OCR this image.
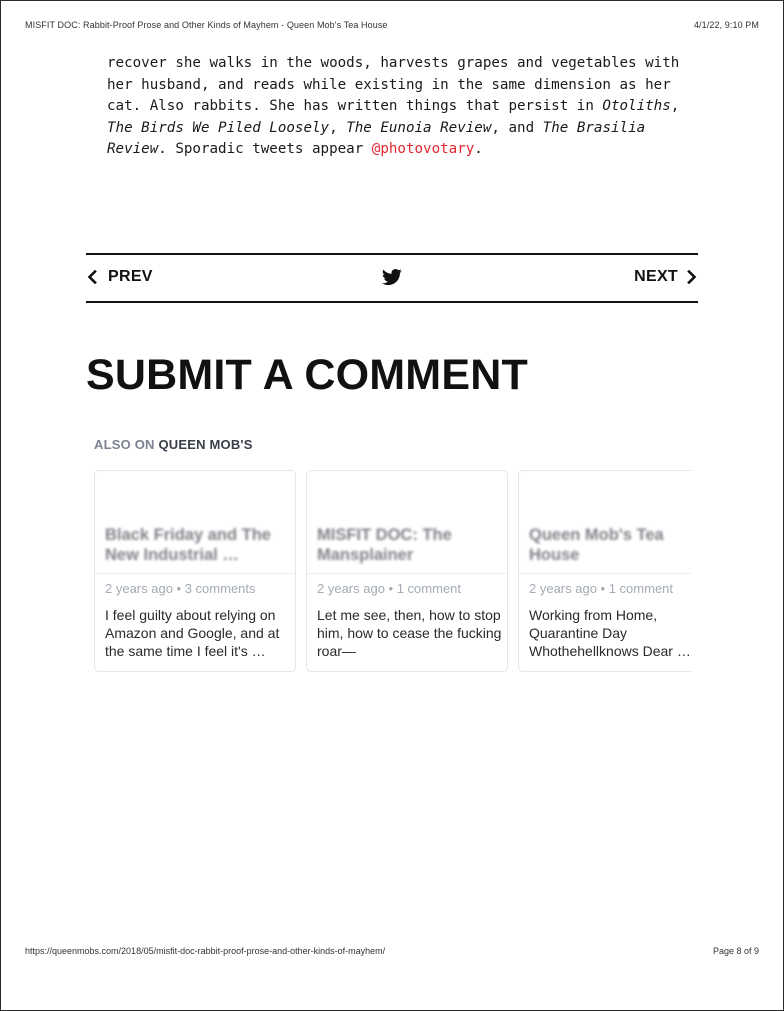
MISFIT DOC: Rabbit-Proof Prose and Other Kinds of Mayhem - Queen Mob's Tea House	4/1/22, 9:10 PM

recover she walks in the woods, harvests grapes and vegetables with her husband, and reads while existing in the same dimension as her cat. Also rabbits. She has written things that persist in Otoliths, The Birds We Piled Loosely, The Eunoia Review, and The Brasilia Review. Sporadic tweets appear @photovotary.

PREV	NEXT
SUBMIT A COMMENT
ALSO ON QUEEN MOB'S
Black Friday and The New Industrial …
2 years ago • 3 comments
I feel guilty about relying on Amazon and Google, and at the same time I feel it's …
MISFIT DOC: The Mansplainer
2 years ago • 1 comment
Let me see, then, how to stop him, how to cease the fucking roar—
Queen Mob's Tea House
2 years ago • 1 comment
Working from Home, Quarantine Day Whothehellknows Dear …
https://queenmobs.com/2018/05/misfit-doc-rabbit-proof-prose-and-other-kinds-of-mayhem/	Page 8 of 9
